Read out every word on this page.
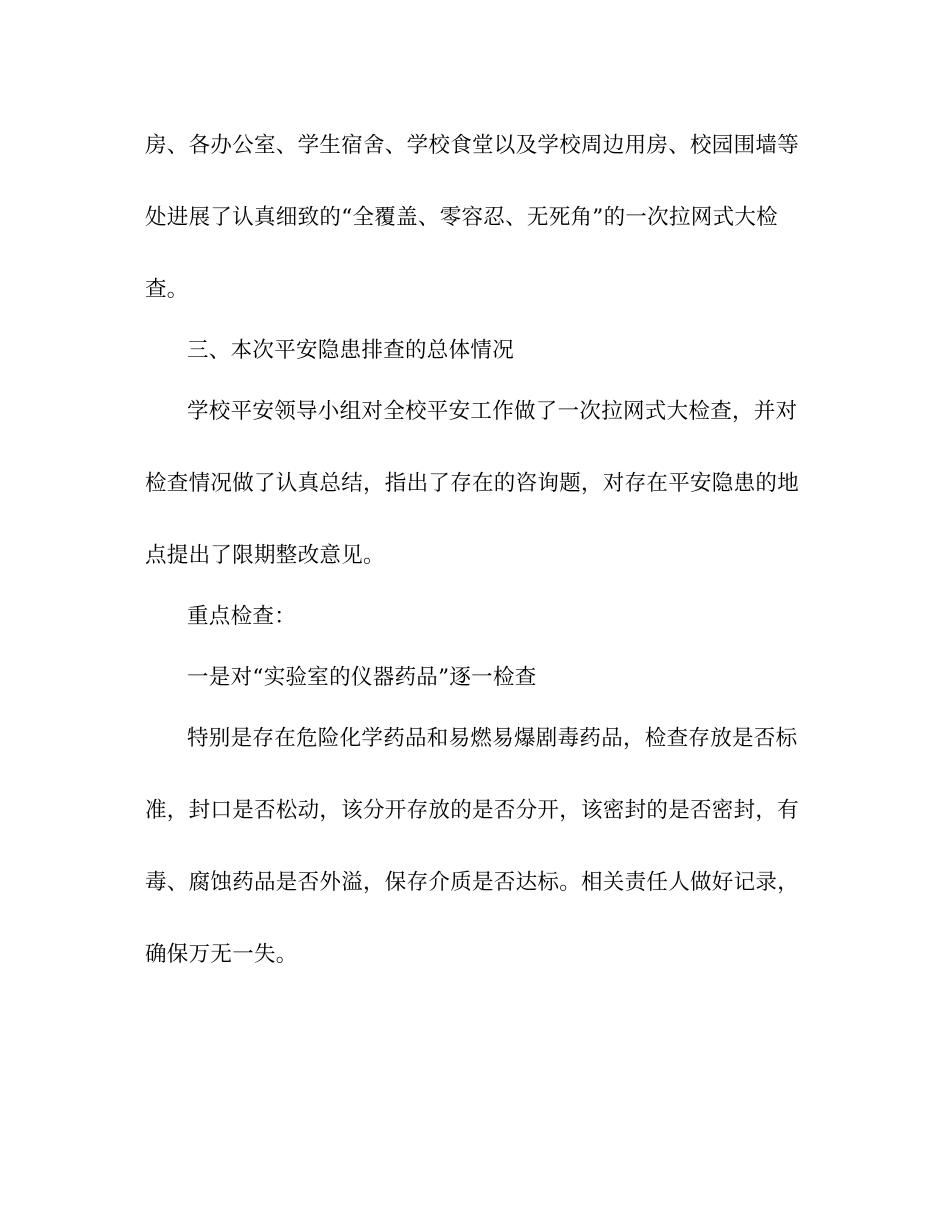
房、各办公室、学生宿舍、学校食堂以及学校周边用房、校园围墙等
处进展了认真细致的“全覆盖、零容忍、无死角”的一次拉网式大检
查。
三、本次平安隐患排查的总体情况
学校平安领导小组对全校平安工作做了一次拉网式大检查，并对
检查情况做了认真总结，指出了存在的咨询题，对存在平安隐患的地
点提出了限期整改意见。
重点检查：
一是对“实验室的仪器药品”逐一检查
特别是存在危险化学药品和易燃易爆剧毒药品，检查存放是否标
准，封口是否松动，该分开存放的是否分开，该密封的是否密封，有
毒、腐蚀药品是否外溢，保存介质是否达标。相关责任人做好记录，
确保万无一失。
